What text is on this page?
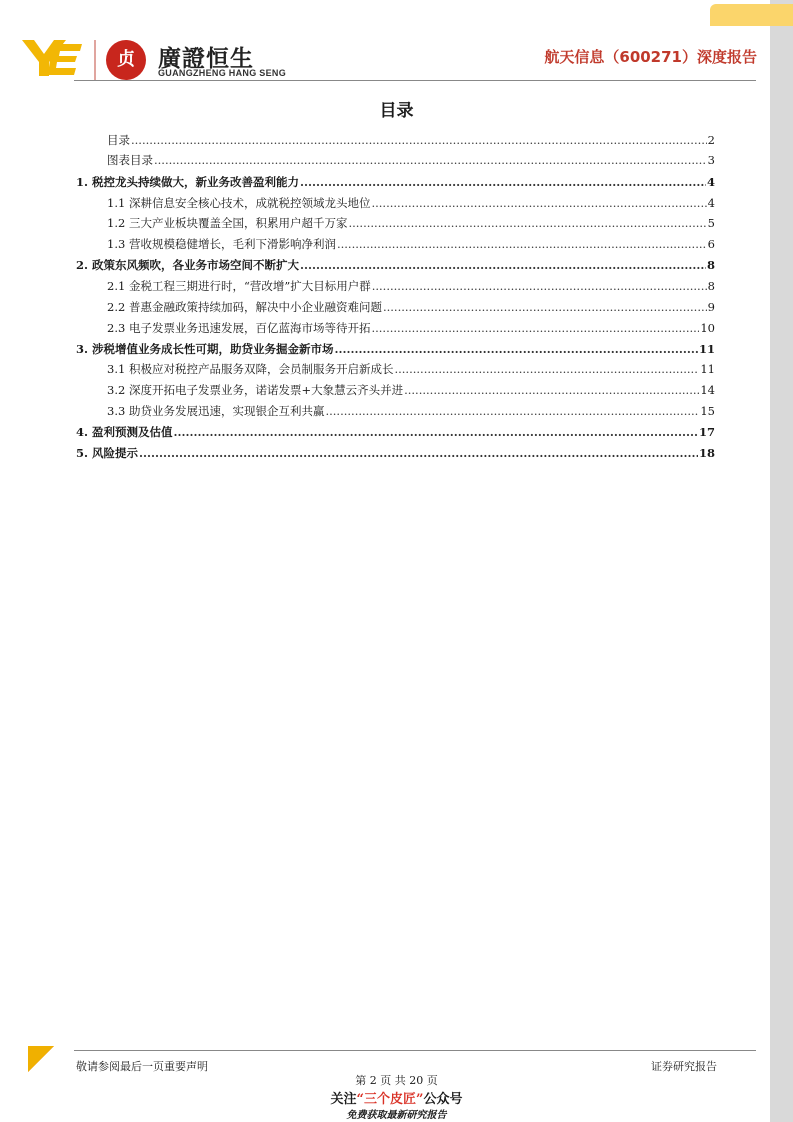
贞	廣證恒生
GUANGZHENG HANG SENG
航天信息（600271）深度报告
目录
目录 .....	2
图表目录 .....	3
1. 税控龙头持续做大，新业务改善盈利能力 .....	4
1.1 深耕信息安全核心技术，成就税控领域龙头地位 .....	4
1.2 三大产业板块覆盖全国，积累用户超千万家 .....	5
1.3 营收规模稳健增长，毛利下滑影响净利润 .....	6
2. 政策东风频吹，各业务市场空间不断扩大 .....	8
2.1 金税工程三期进行时，“营改增”扩大目标用户群 .....	8
2.2 普惠金融政策持续加码，解决中小企业融资难问题 .....	9
2.3 电子发票业务迅速发展，百亿蓝海市场等待开拓 .....	10
3. 涉税增值业务成长性可期，助贷业务掘金新市场 .....	11
3.1 积极应对税控产品服务双降，会员制服务开启新成长 .....	11
3.2 深度开拓电子发票业务，诺诺发票+大象慧云齐头并进 .....	14
3.3 助贷业务发展迅速，实现银企互利共赢 .....	15
4. 盈利预测及估值 .....	17
5. 风险提示 .....	18
敬请参阅最后一页重要声明	证券研究报告
第 2 页 共 20 页
关注“三个皮匠”公众号
免费获取最新研究报告
